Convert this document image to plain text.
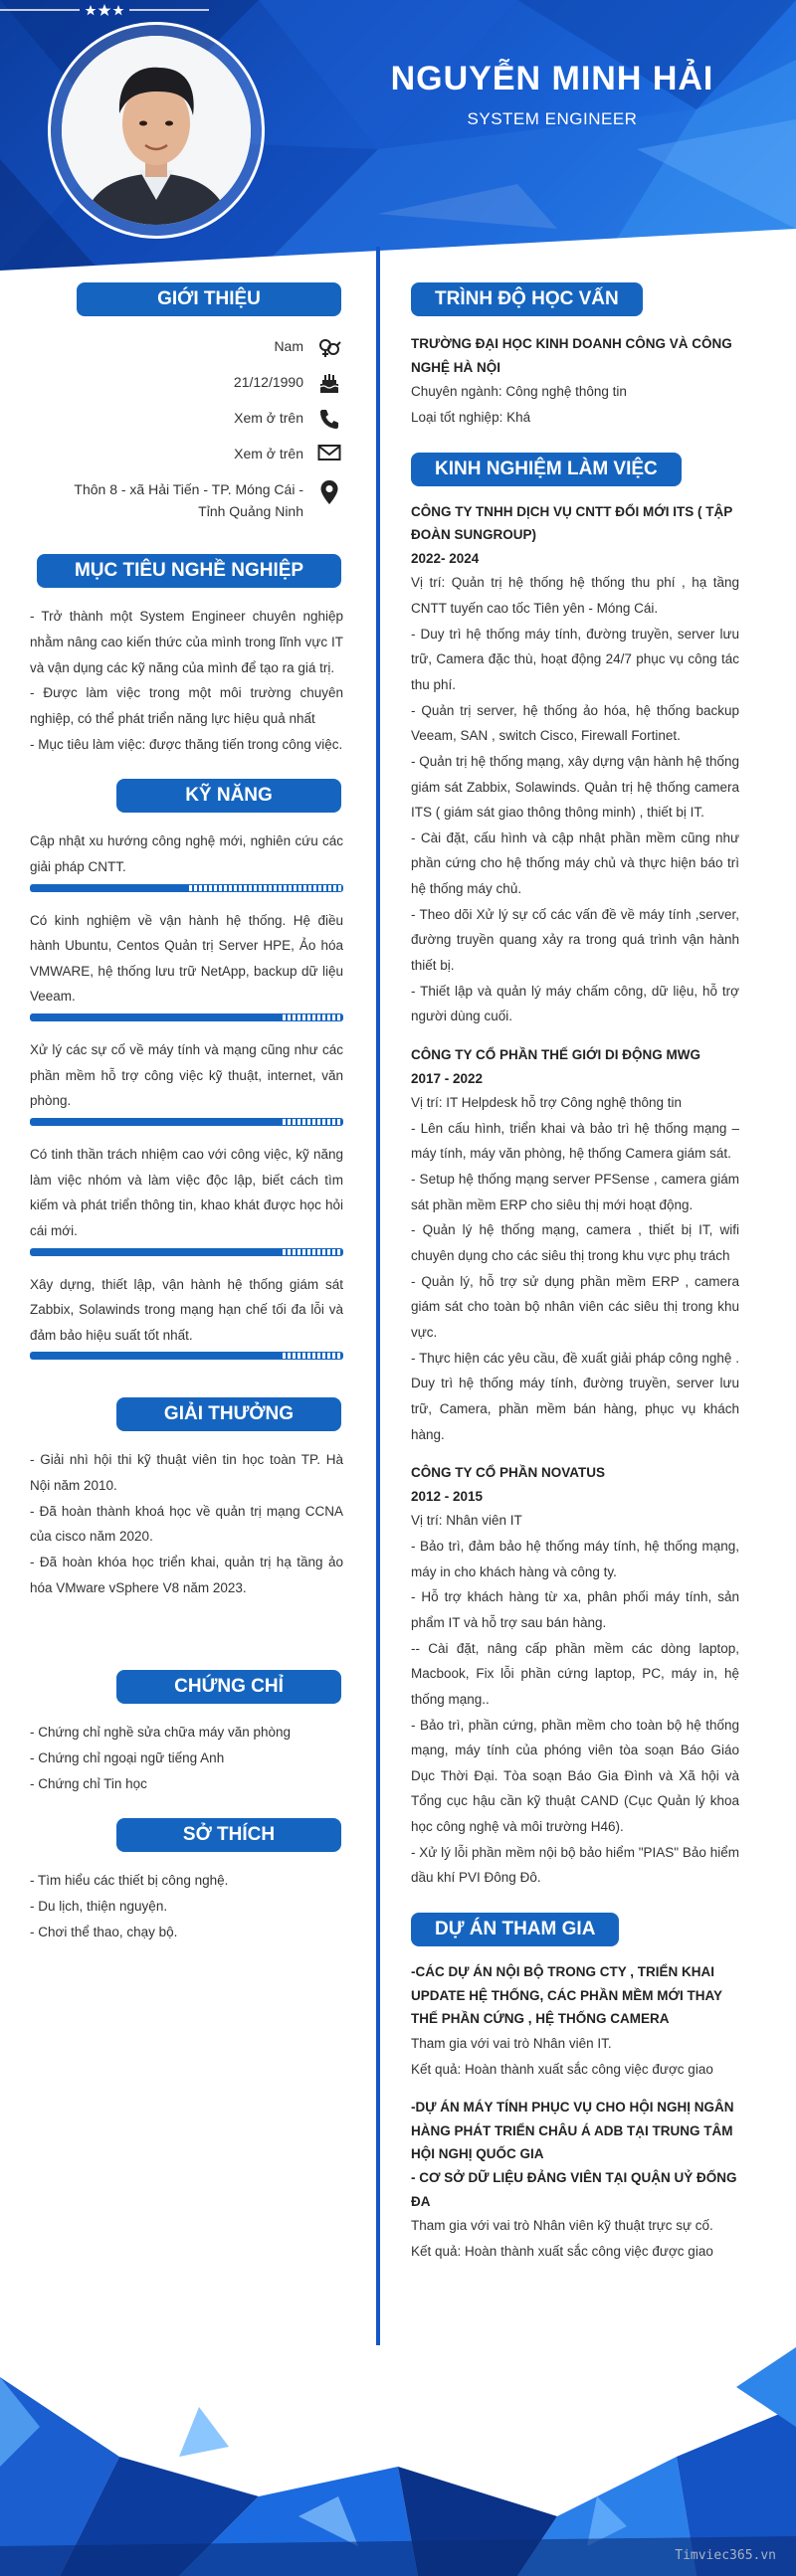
NGUYỄN MINH HẢI
SYSTEM ENGINEER
GIỚI THIỆU
Nam
21/12/1990
Xem ở trên
Xem ở trên
Thôn 8 - xã Hải Tiến - TP. Móng Cái - Tỉnh Quảng Ninh
MỤC TIÊU NGHỀ NGHIỆP

- Trở thành một System Engineer chuyên nghiệp nhằm nâng cao kiến thức của mình trong lĩnh vực IT và vận dụng các kỹ năng của mình để tạo ra giá trị.

- Được làm việc trong một môi trường chuyên nghiệp, có thể phát triển năng lực hiệu quả nhất

- Mục tiêu làm việc: được thăng tiến trong công việc.

KỸ NĂNG

Cập nhật xu hướng công nghệ mới, nghiên cứu các giải pháp CNTT.

Có kinh nghiệm về vận hành hệ thống. Hệ điều hành Ubuntu, Centos Quản trị Server HPE, Ảo hóa VMWARE, hệ thống lưu trữ NetApp, backup dữ liệu Veeam.

Xử lý các sự cố về máy tính và mạng cũng như các phần mềm hỗ trợ công việc kỹ thuật, internet, văn phòng.

Có tinh thần trách nhiệm cao với công việc, kỹ năng làm việc nhóm và làm việc độc lập, biết cách tìm kiếm và phát triển thông tin, khao khát được học hỏi cái mới.

Xây dựng, thiết lập, vận hành hệ thống giám sát Zabbix, Solawinds trong mạng hạn chế tối đa lỗi và đảm bảo hiệu suất tốt nhất.

GIẢI THƯỞNG

- Giải nhì hội thi kỹ thuật viên tin học toàn TP. Hà Nội năm 2010.

- Đã hoàn thành khoá học về quản trị mạng CCNA của cisco năm 2020.

- Đã hoàn khóa học triển khai, quản trị hạ tầng ảo hóa VMware vSphere V8 năm 2023.

CHỨNG CHỈ

- Chứng chỉ nghề sửa chữa máy văn phòng

- Chứng chỉ ngoại ngữ tiếng Anh

- Chứng chỉ Tin học

SỞ THÍCH

- Tìm hiểu các thiết bị công nghệ.

- Du lịch, thiện nguyện.

- Chơi thể thao, chạy bộ.

TRÌNH ĐỘ HỌC VẤN

TRƯỜNG ĐẠI HỌC KINH DOANH CÔNG VÀ CÔNG NGHỆ HÀ NỘI

Chuyên ngành: Công nghệ thông tin

Loại tốt nghiệp: Khá

KINH NGHIỆM LÀM VIỆC

CÔNG TY TNHH DỊCH VỤ CNTT ĐỔI MỚI ITS ( TẬP ĐOÀN SUNGROUP)

2022- 2024

Vị trí: Quản trị hệ thống hệ thống thu phí , hạ tầng CNTT tuyến cao tốc Tiên yên - Móng Cái.

- Duy trì hệ thống máy tính, đường truyền, server lưu trữ, Camera đặc thù, hoạt động 24/7 phục vụ công tác thu phí.

- Quản trị server, hệ thống ảo hóa, hệ thống backup Veeam, SAN , switch Cisco, Firewall Fortinet.

- Quản trị hệ thống mạng, xây dựng vận hành hệ thống giám sát Zabbix, Solawinds. Quản trị hệ thống camera ITS ( giám sát giao thông thông minh) , thiết bị IT.

- Cài đặt, cấu hình và cập nhật phần mềm cũng như phần cứng cho hệ thống máy chủ và thực hiện báo trì hệ thống máy chủ.

- Theo dõi Xử lý sự cố các vấn đề về máy tính ,server, đường truyền quang xảy ra trong quá trình vận hành thiết bị.

- Thiết lập và quản lý máy chấm công, dữ liệu, hỗ trợ người dùng cuối.

CÔNG TY CỔ PHẦN THẾ GIỚI DI ĐỘNG MWG

2017 - 2022

Vị trí: IT Helpdesk hỗ trợ Công nghệ thông tin

- Lên cấu hình, triển khai và bảo trì hệ thống mạng – máy tính, máy văn phòng, hệ thống Camera giám sát.

- Setup hệ thống mạng server PFSense , camera giám sát phần mềm ERP cho siêu thị mới hoạt động.

- Quản lý hệ thống mạng, camera , thiết bị IT, wifi chuyên dụng cho các siêu thị trong khu vực phụ trách

- Quản lý, hỗ trợ sử dụng phần mềm ERP , camera giám sát cho toàn bộ nhân viên các siêu thị trong khu vực.

- Thực hiện các yêu cầu, đề xuất giải pháp công nghệ . Duy trì hệ thống máy tính, đường truyền, server lưu trữ, Camera, phần mềm bán hàng, phục vụ khách hàng.

CÔNG TY CỔ PHẦN NOVATUS

2012 - 2015

Vị trí: Nhân viên IT

- Bảo trì, đảm bảo hệ thống máy tính, hệ thống mạng, máy in cho khách hàng và công ty.

- Hỗ trợ khách hàng từ xa, phân phối máy tính, sản phẩm IT và hỗ trợ sau bán hàng.

-- Cài đặt, nâng cấp phần mềm các dòng laptop, Macbook, Fix lỗi phần cứng laptop, PC, máy in, hệ thống mạng..

- Bảo trì, phần cứng, phần mềm cho toàn bộ hệ thống mạng, máy tính của phóng viên tòa soạn Báo Giáo Dục Thời Đại. Tòa soạn Báo Gia Đình và Xã hội và Tổng cục hậu cần kỹ thuật CAND (Cục Quản lý khoa học công nghệ và môi trường H46).

- Xử lý lỗi phần mềm nội bộ bảo hiểm "PIAS" Bảo hiểm dầu khí PVI Đông Đô.

DỰ ÁN THAM GIA

-CÁC DỰ ÁN NỘI BỘ TRONG CTY , TRIỂN KHAI UPDATE HỆ THỐNG, CÁC PHẦN MỀM MỚI THAY THẾ PHẦN CỨNG , HỆ THỐNG CAMERA

Tham gia với vai trò Nhân viên IT.

Kết quả: Hoàn thành xuất sắc công việc được giao

-DỰ ÁN MÁY TÍNH PHỤC VỤ CHO HỘI NGHỊ NGÂN HÀNG PHÁT TRIỂN CHÂU Á ADB TẠI TRUNG TÂM HỘI NGHỊ QUỐC GIA

- CƠ SỞ DỮ LIỆU ĐẢNG VIÊN TẠI QUẬN UỶ ĐỐNG ĐA

Tham gia với vai trò Nhân viên kỹ thuật trực sự cố.

Kết quả: Hoàn thành xuất sắc công việc được giao

Timviec365.vn
